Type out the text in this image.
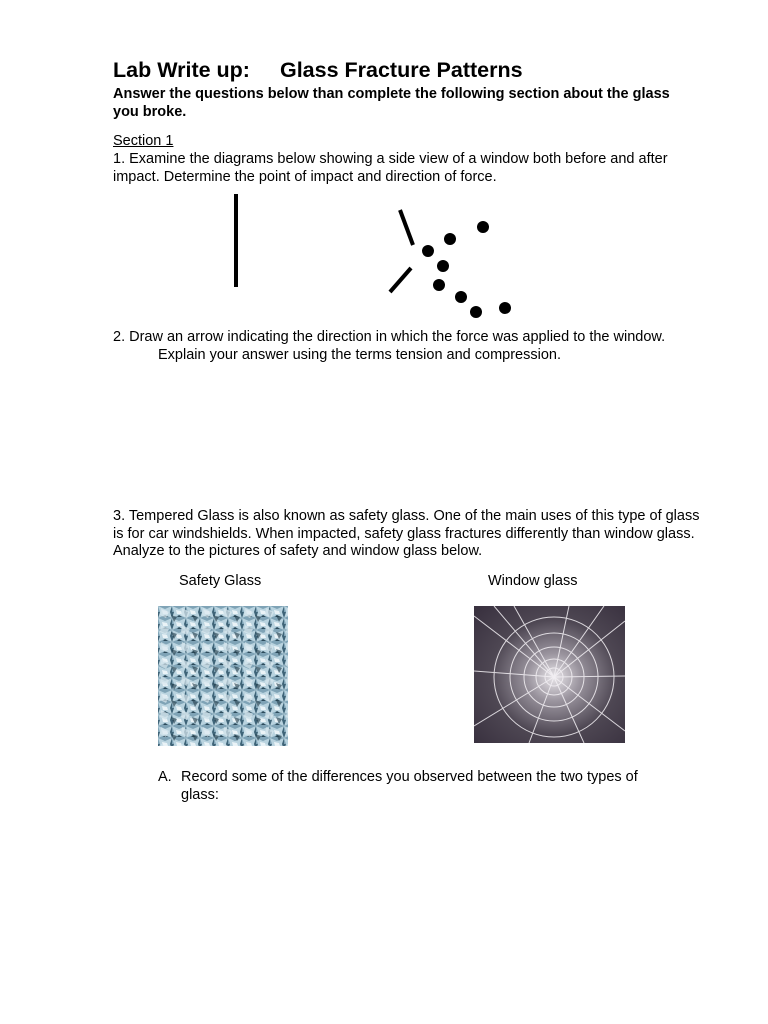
Lab Write up: Glass Fracture Patterns
Answer the questions below than complete the following section about the glass you broke.
Section 1
1. Examine the diagrams below showing a side view of a window both before and after impact. Determine the point of impact and direction of force.
2. Draw an arrow indicating the direction in which the force was applied to the window.
Explain your answer using the terms tension and compression.
3. Tempered Glass is also known as safety glass. One of the main uses of this type of glass is for car windshields. When impacted, safety glass fractures differently than window glass. Analyze to the pictures of safety and window glass below.
Safety Glass	Window glass
A. Record some of the differences you observed between the two types of glass:
